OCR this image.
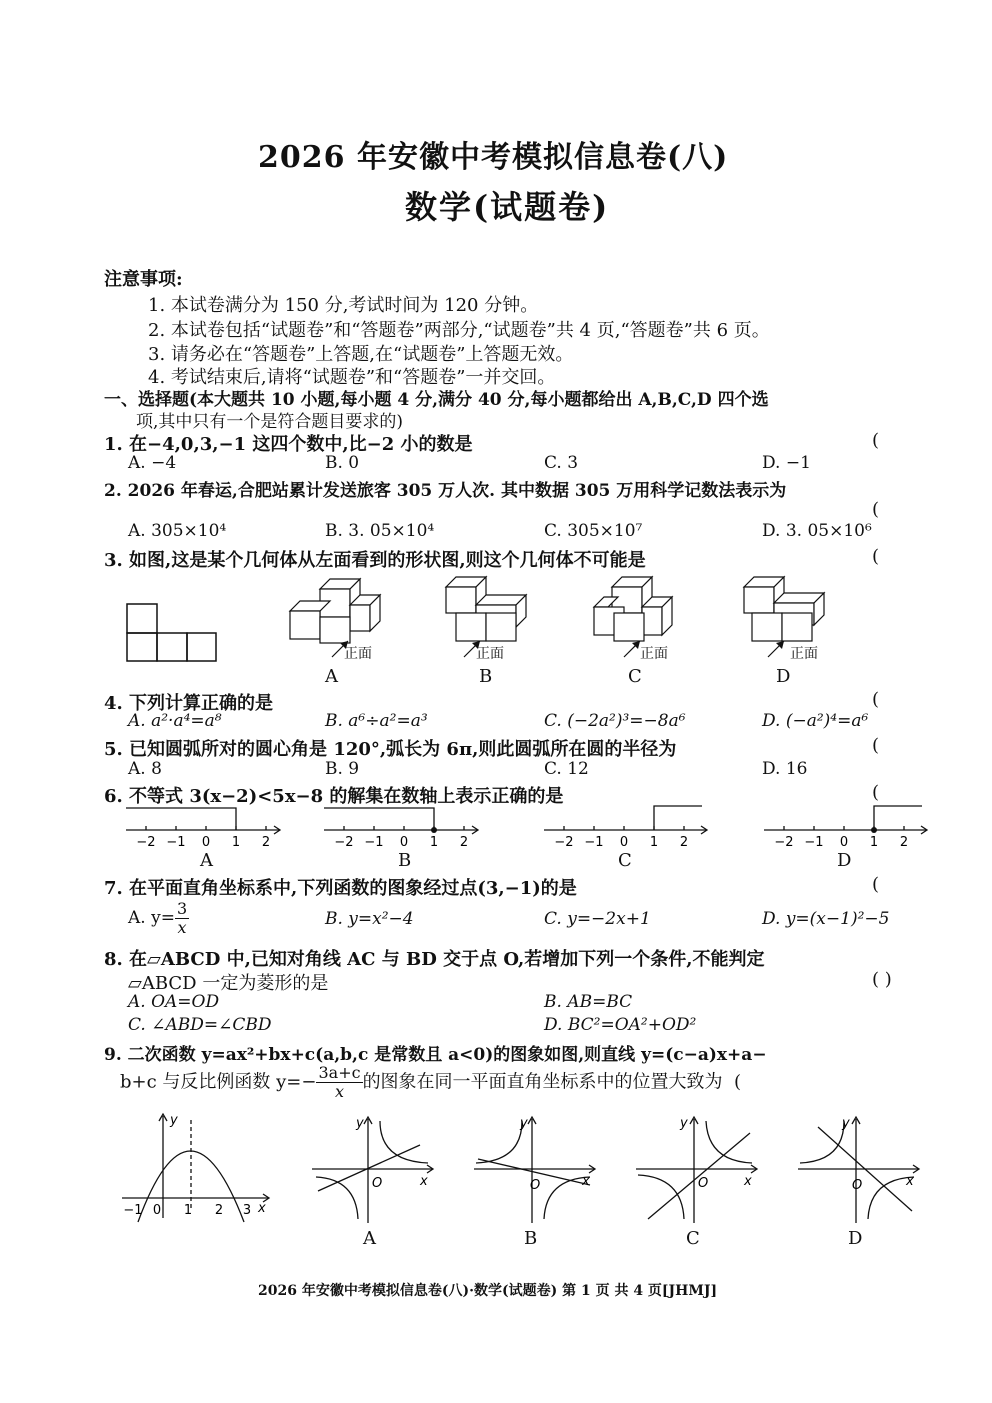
2026 年安徽中考模拟信息卷(八)
数学(试题卷)
注意事项:
1. 本试卷满分为 150 分,考试时间为 120 分钟。
2. 本试卷包括“试题卷”和“答题卷”两部分,“试题卷”共 4 页,“答题卷”共 6 页。
3. 请务必在“答题卷”上答题,在“试题卷”上答题无效。
4. 考试结束后,请将“试题卷”和“答题卷”一并交回。
一、选择题(本大题共 10 小题,每小题 4 分,满分 40 分,每小题都给出 A,B,C,D 四个选
项,其中只有一个是符合题目要求的)
1. 在−4,0,3,−1 这四个数中,比−2 小的数是	(
A. −4	B. 0	C. 3	D. −1
2. 2026 年春运,合肥站累计发送旅客 305 万人次. 其中数据 305 万用科学记数法表示为
(
A. 305×10⁴	B. 3. 05×10⁴	C. 305×10⁷	D. 3. 05×10⁶
3. 如图,这是某个几何体从左面看到的形状图,则这个几何体不可能是	(
正面
A
正面
B
正面
C
正面
D
4. 下列计算正确的是	(
A. a²·a⁴=a⁸	B. a⁶÷a²=a³	C. (−2a²)³=−8a⁶	D. (−a²)⁴=a⁶
5. 已知圆弧所对的圆心角是 120°,弧长为 6π,则此圆弧所在圆的半径为	(
A. 8	B. 9	C. 12	D. 16
6. 不等式 3(x−2)<5x−8 的解集在数轴上表示正确的是	(
−2 −1 0 1 2
A
−2 −1 0 1 2
B
−2 −1 0 1 2
C
−2 −1 0 1 2
D
7. 在平面直角坐标系中,下列函数的图象经过点(3,−1)的是	(
A. $y= \frac{3}{x}$	B. y=x²−4	C. y=−2x+1	D. y=(x−1)²−5
8. 在▱ABCD 中,已知对角线 AC 与 BD 交于点 O,若增加下列一个条件,不能判定
▱ABCD 一定为菱形的是	( )
A. OA=OD	B. AB=BC
C. ∠ABD=∠CBD	D. BC²=OA²+OD²
9. 二次函数 y=ax²+bx+c(a,b,c 是常数且 a<0)的图象如图,则直线 y=(c−a)x+a−
b+c 与反比例函数 $y=- \frac{3a+c}{x}$ 的图象在同一平面直角坐标系中的位置大致为  (
y
x
−1 0 1 2 3
y
x
O
A
y
x
O
B
y
x
O
C
y
x
O
D
2026 年安徽中考模拟信息卷(八)·数学(试题卷) 第 1 页 共 4 页[JHMJ]
